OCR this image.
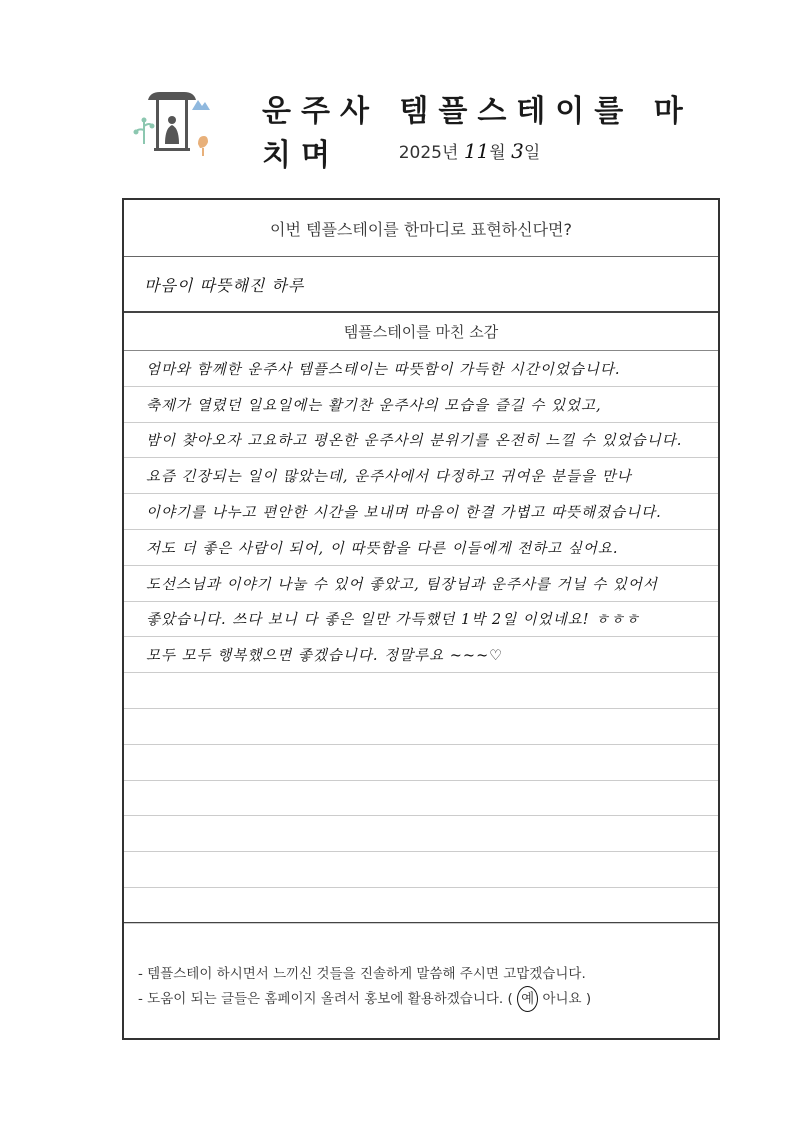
운주사 템플스테이를 마치며	2025년 11월 3일
이번 템플스테이를 한마디로 표현하신다면?
마음이 따뜻해진 하루
템플스테이를 마친 소감
엄마와 함께한 운주사 템플스테이는 따뜻함이 가득한 시간이었습니다.
축제가 열렸던 일요일에는 활기찬 운주사의 모습을 즐길 수 있었고,
밤이 찾아오자 고요하고 평온한 운주사의 분위기를 온전히 느낄 수 있었습니다.
요즘 긴장되는 일이 많았는데, 운주사에서 다정하고 귀여운 분들을 만나
이야기를 나누고 편안한 시간을 보내며 마음이 한결 가볍고 따뜻해졌습니다.
저도 더 좋은 사람이 되어, 이 따뜻함을 다른 이들에게 전하고 싶어요.
도선스님과 이야기 나눌 수 있어 좋았고, 팀장님과 운주사를 거닐 수 있어서
좋았습니다. 쓰다 보니 다 좋은 일만 가득했던 1박 2일 이었네요! ㅎㅎㅎ
모두 모두 행복했으면 좋겠습니다. 정말루요 ~~~♡
- 템플스테이 하시면서 느끼신 것들을 진솔하게 말씀해 주시면 고맙겠습니다.
- 도움이 되는 글들은 홈페이지 올려서 홍보에 활용하겠습니다. ( 예 아니요 )
